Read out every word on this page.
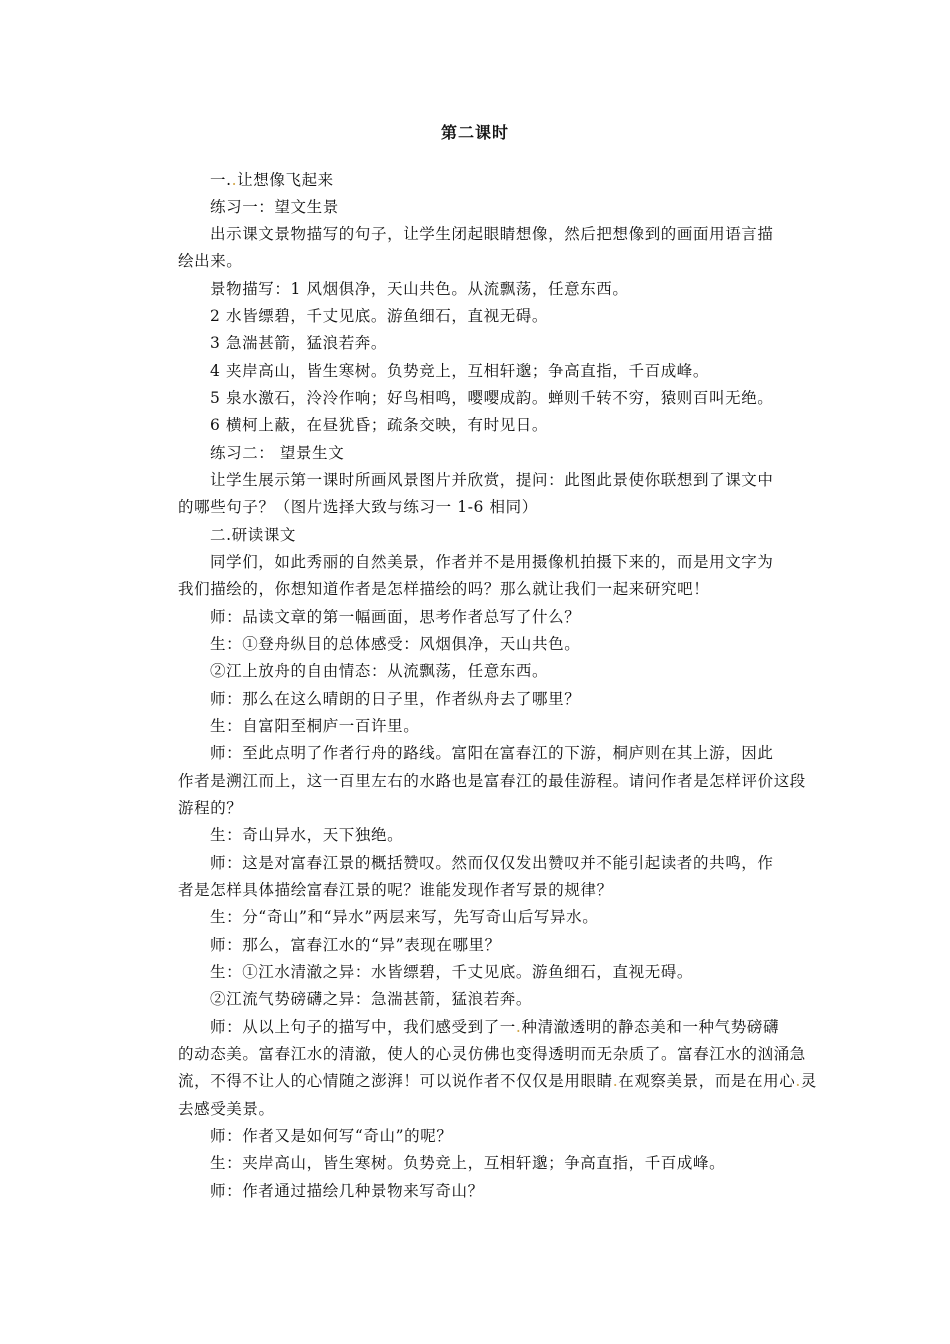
第二课时
一..让想像飞起来
练习一：望文生景
出示课文景物描写的句子，让学生闭起眼睛想像，然后把想像到的画面用语言描
绘出来。
景物描写：1 风烟俱净，天山共色。从流飘荡，任意东西。
2 水皆缥碧，千丈见底。游鱼细石，直视无碍。
3 急湍甚箭，猛浪若奔。
4 夹岸高山，皆生寒树。负势竞上，互相轩邈；争高直指，千百成峰。
5 泉水激石，泠泠作响；好鸟相鸣，嘤嘤成韵。蝉则千转不穷，猿则百叫无绝。
6 横柯上蔽，在昼犹昏；疏条交映，有时见日。
练习二： 望景生文
让学生展示第一课时所画风景图片并欣赏，提问：此图此景使你联想到了课文中
的哪些句子？（图片选择大致与练习一 1-6 相同）
二.研读课文
同学们，如此秀丽的自然美景，作者并不是用摄像机拍摄下来的，而是用文字为
我们描绘的，你想知道作者是怎样描绘的吗？那么就让我们一起来研究吧！
师：品读文章的第一幅画面，思考作者总写了什么？
生：①登舟纵目的总体感受：风烟俱净，天山共色。
②江上放舟的自由情态：从流飘荡，任意东西。
师：那么在这么晴朗的日子里，作者纵舟去了哪里？
生：自富阳至桐庐一百许里。
师：至此点明了作者行舟的路线。富阳在富春江的下游，桐庐则在其上游，因此
作者是溯江而上，这一百里左右的水路也是富春江的最佳游程。请问作者是怎样评价这段
游程的？
生：奇山异水，天下独绝。
师：这是对富春江景的概括赞叹。然而仅仅发出赞叹并不能引起读者的共鸣，作
者是怎样具体描绘富春江景的呢？谁能发现作者写景的规律？
生：分“奇山”和“异水”两层来写，先写奇山后写异水。
师：那么，富春江水的“异”表现在哪里？
生：①江水清澈之异：水皆缥碧，千丈见底。游鱼细石，直视无碍。
②江流气势磅礴之异：急湍甚箭，猛浪若奔。
师：从以上句子的描写中，我们感受到了一.种清澈透明的静态美和一种气势磅礴
的动态美。富春江水的清澈，使人的心灵仿佛也变得透明而无杂质了。富春江水的汹涌急
流，不得不让人的心情随之澎湃！可以说作者不仅仅是用眼睛.在观察美景，而是在用心.灵
去感受美景。
师：作者又是如何写“奇山”的呢？
生：夹岸高山，皆生寒树。负势竞上，互相轩邈；争高直指，千百成峰。
师：作者通过描绘几种景物来写奇山？
